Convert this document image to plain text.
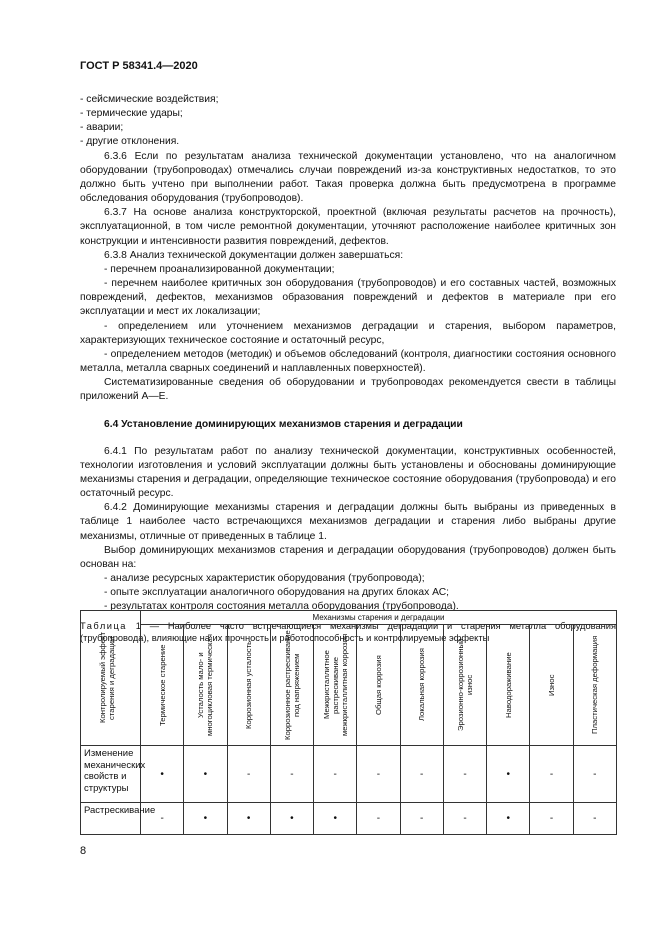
ГОСТ Р 58341.4—2020

- сейсмические воздействия;

- термические удары;

- аварии;

- другие отклонения.

6.3.6 Если по результатам анализа технической документации установлено, что на аналогичном оборудовании (трубопроводах) отмечались случаи повреждений из-за конструктивных недостатков, то это должно быть учтено при выполнении работ. Такая проверка должна быть предусмотрена в программе обследования оборудования (трубопроводов).

6.3.7 На основе анализа конструкторской, проектной (включая результаты расчетов на прочность), эксплуатационной, в том числе ремонтной документации, уточняют расположение наиболее критичных зон конструкции и интенсивности развития повреждений, дефектов.

6.3.8 Анализ технической документации должен завершаться:

- перечнем проанализированной документации;

- перечнем наиболее критичных зон оборудования (трубопроводов) и его составных частей, возможных повреждений, дефектов, механизмов образования повреждений и дефектов в материале при его эксплуатации и мест их локализации;

- определением или уточнением механизмов деградации и старения, выбором параметров, характеризующих техническое состояние и остаточный ресурс,

- определением методов (методик) и объемов обследований (контроля, диагностики состояния основного металла, металла сварных соединений и наплавленных поверхностей).

Систематизированные сведения об оборудовании и трубопроводах рекомендуется свести в таблицы приложений А—Е.

6.4 Установление доминирующих механизмов старения и деградации

6.4.1 По результатам работ по анализу технической документации, конструктивных особенностей, технологии изготовления и условий эксплуатации должны быть установлены и обоснованы доминирующие механизмы старения и деградации, определяющие техническое состояние оборудования (трубопровода) и его остаточный ресурс.

6.4.2 Доминирующие механизмы старения и деградации должны быть выбраны из приведенных в таблице 1 наиболее часто встречающихся механизмов деградации и старения либо выбраны другие механизмы, отличные от приведенных в таблице 1.

Выбор доминирующих механизмов старения и деградации оборудования (трубопроводов) должен быть основан на:

- анализе ресурсных характеристик оборудования (трубопровода);

- опыте эксплуатации аналогичного оборудования на других блоках АС;

- результатах контроля состояния металла оборудования (трубопровода).

Таблица 1 — Наиболее часто встречающиеся механизмы деградации и старения металла оборудования (трубопровода), влияющие на их прочность и работоспособность и контролируемые эффекты

Контролируемый эффект старения и деградации	Механизмы старения и деградации										

	Термическое старение	Усталость мало- и многоцикловая термическая	Коррозионная усталость	Коррозионное растрескивание под напряжением	Межкристаллитное растрескивание межкристаллитная коррозия	Общая коррозия	Локальная коррозия	Эрозионно-коррозионный износ	Наводораживание	Износ	Пластическая деформация

Изменение механических свойств и структуры	•	•	-	-	-	-	-	-	•	-	-
Растрескивание	-	•	•	•	•	-	-	-	•	-	-
8
